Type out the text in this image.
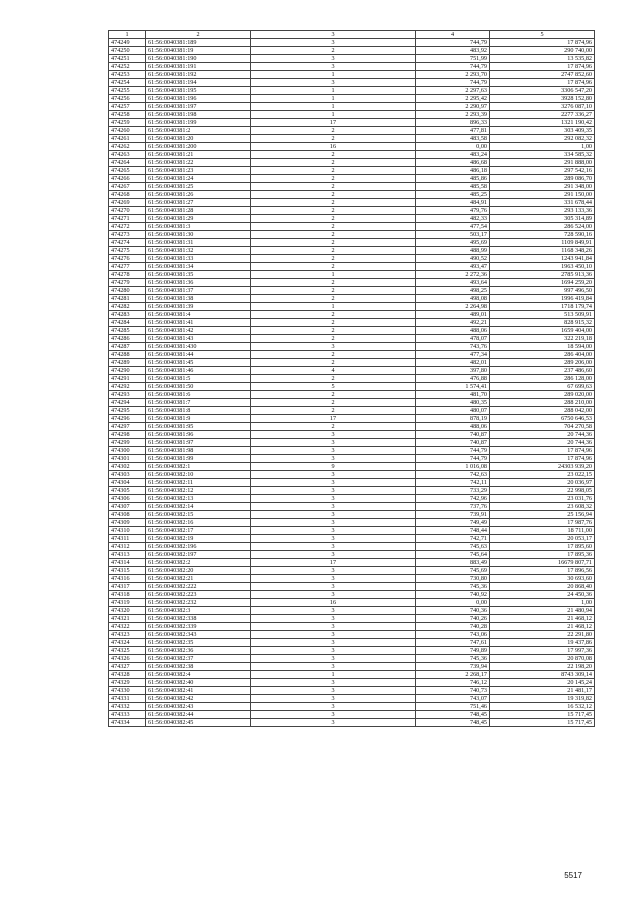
1	2	3	4	5
474249	61:56:0040381:189	3	744,79	17 874,96
474250	61:56:0040381:19	2	483,92	290 740,00
474251	61:56:0040381:190	3	751,99	13 535,82
474252	61:56:0040381:191	3	744,79	17 874,96
474253	61:56:0040381:192	1	2 293,70	2747 852,60
474254	61:56:0040381:194	3	744,79	17 874,96
474255	61:56:0040381:195	1	2 297,63	3306 547,20
474256	61:56:0040381:196	1	2 295,42	3928 152,80
474257	61:56:0040381:197	1	2 290,97	3276 087,10
474258	61:56:0040381:198	1	2 293,39	2277 336,27
474259	61:56:0040381:199	17	896,33	1321 190,42
474260	61:56:0040381:2	2	477,81	303 409,35
474261	61:56:0040381:20	2	483,58	292 082,32
474262	61:56:0040381:200	16	0,00	1,00
474263	61:56:0040381:21	2	483,24	334 585,32
474264	61:56:0040381:22	2	486,68	291 888,00
474265	61:56:0040381:23	2	486,18	297 542,16
474266	61:56:0040381:24	2	485,86	289 086,70
474267	61:56:0040381:25	2	485,58	291 348,00
474268	61:56:0040381:26	2	485,25	291 150,00
474269	61:56:0040381:27	2	484,91	331 678,44
474270	61:56:0040381:28	2	479,76	293 133,36
474271	61:56:0040381:29	2	482,33	305 314,89
474272	61:56:0040381:3	2	477,54	286 524,00
474273	61:56:0040381:30	2	503,17	728 590,16
474274	61:56:0040381:31	2	495,69	1109 849,91
474275	61:56:0040381:32	2	488,99	1168 348,26
474276	61:56:0040381:33	2	490,52	1243 941,84
474277	61:56:0040381:34	2	493,47	1963 450,10
474278	61:56:0040381:35	1	2 272,36	2785 913,36
474279	61:56:0040381:36	2	493,64	1694 259,20
474280	61:56:0040381:37	2	498,25	997 496,50
474281	61:56:0040381:38	2	498,08	1996 419,84
474282	61:56:0040381:39	1	2 264,98	1718 179,74
474283	61:56:0040381:4	2	489,01	513 509,91
474284	61:56:0040381:41	2	492,21	828 915,32
474285	61:56:0040381:42	2	488,06	1659 404,00
474286	61:56:0040381:43	2	478,07	322 219,18
474287	61:56:0040381:430	3	743,76	18 594,00
474288	61:56:0040381:44	2	477,34	286 404,00
474289	61:56:0040381:45	2	482,01	289 206,00
474290	61:56:0040381:46	4	397,80	237 486,60
474291	61:56:0040381:5	2	476,88	286 128,00
474292	61:56:0040381:50	5	1 574,41	67 699,63
474293	61:56:0040381:6	2	481,70	289 020,00
474294	61:56:0040381:7	2	480,35	288 210,00
474295	61:56:0040381:8	2	480,07	288 042,00
474296	61:56:0040381:9	17	878,19	6750 646,53
474297	61:56:0040381:95	2	488,06	704 270,58
474298	61:56:0040381:96	3	740,87	20 744,36
474299	61:56:0040381:97	3	740,87	20 744,36
474300	61:56:0040381:98	3	744,79	17 874,96
474301	61:56:0040381:99	3	744,79	17 874,96
474302	61:56:0040382:1	9	1 016,08	24303 939,20
474303	61:56:0040382:10	3	742,63	23 022,15
474304	61:56:0040382:11	3	742,11	20 036,97
474305	61:56:0040382:12	3	733,29	22 998,05
474306	61:56:0040382:13	3	742,96	23 031,76
474307	61:56:0040382:14	3	737,76	23 608,32
474308	61:56:0040382:15	3	739,91	25 156,94
474309	61:56:0040382:16	3	749,49	17 987,76
474310	61:56:0040382:17	3	748,44	18 711,00
474311	61:56:0040382:19	3	742,71	20 053,17
474312	61:56:0040382:196	3	745,63	17 895,60
474313	61:56:0040382:197	3	745,64	17 895,36
474314	61:56:0040382:2	17	883,49	16679 807,71
474315	61:56:0040382:20	3	745,69	17 896,56
474316	61:56:0040382:21	3	730,80	30 693,60
474317	61:56:0040382:222	3	745,36	20 868,40
474318	61:56:0040382:223	3	740,92	24 450,36
474319	61:56:0040382:232	16	0,00	1,00
474320	61:56:0040382:3	3	740,36	21 480,94
474321	61:56:0040382:338	3	740,26	21 468,12
474322	61:56:0040382:339	3	740,28	21 468,12
474323	61:56:0040382:343	3	743,06	22 291,80
474324	61:56:0040382:35	3	747,61	19 437,86
474325	61:56:0040382:36	3	749,89	17 997,36
474326	61:56:0040382:37	3	745,36	20 870,08
474327	61:56:0040382:38	3	739,94	22 198,20
474328	61:56:0040382:4	1	2 268,17	8743 309,14
474329	61:56:0040382:40	3	746,12	20 145,24
474330	61:56:0040382:41	3	740,73	21 481,17
474331	61:56:0040382:42	3	743,07	19 319,82
474332	61:56:0040382:43	3	751,46	16 532,12
474333	61:56:0040382:44	3	748,45	15 717,45
474334	61:56:0040382:45	3	748,45	15 717,45
5517
